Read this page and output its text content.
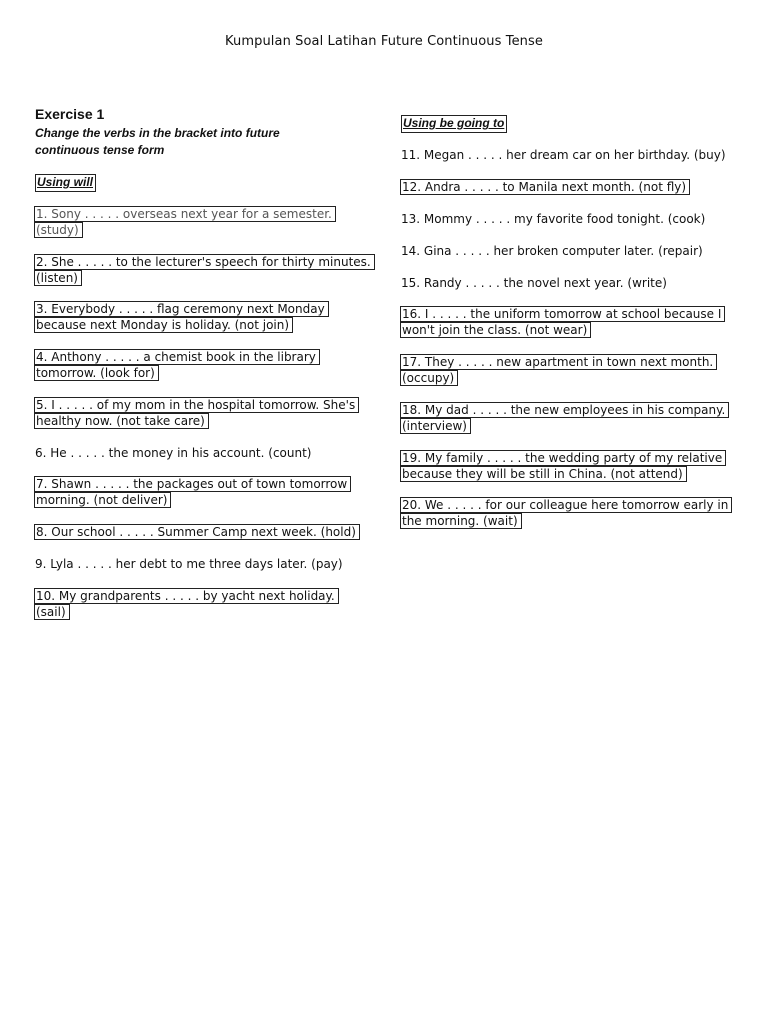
Kumpulan Soal Latihan Future Continuous Tense
Exercise 1
Change the verbs in the bracket into future
continuous tense form
Using will
1. Sony . . . . . overseas next year for a semester.
(study)
2. She . . . . . to the lecturer's speech for thirty minutes.
(listen)
3. Everybody . . . . . flag ceremony next Monday
because next Monday is holiday. (not join)
4. Anthony . . . . . a chemist book in the library
tomorrow. (look for)
5. I . . . . . of my mom in the hospital tomorrow. She's
healthy now. (not take care)
6. He . . . . . the money in his account. (count)
7. Shawn . . . . . the packages out of town tomorrow
morning. (not deliver)
8. Our school . . . . . Summer Camp next week. (hold)
9. Lyla . . . . . her debt to me three days later. (pay)
10. My grandparents . . . . . by yacht next holiday.
(sail)
Using be going to
11. Megan . . . . . her dream car on her birthday. (buy)
12. Andra . . . . . to Manila next month. (not fly)
13. Mommy . . . . . my favorite food tonight. (cook)
14. Gina . . . . . her broken computer later. (repair)
15. Randy . . . . . the novel next year. (write)
16. I . . . . . the uniform tomorrow at school because I
won't join the class. (not wear)
17. They . . . . . new apartment in town next month.
(occupy)
18. My dad . . . . . the new employees in his company.
(interview)
19. My family . . . . . the wedding party of my relative
because they will be still in China. (not attend)
20. We . . . . . for our colleague here tomorrow early in
the morning. (wait)
